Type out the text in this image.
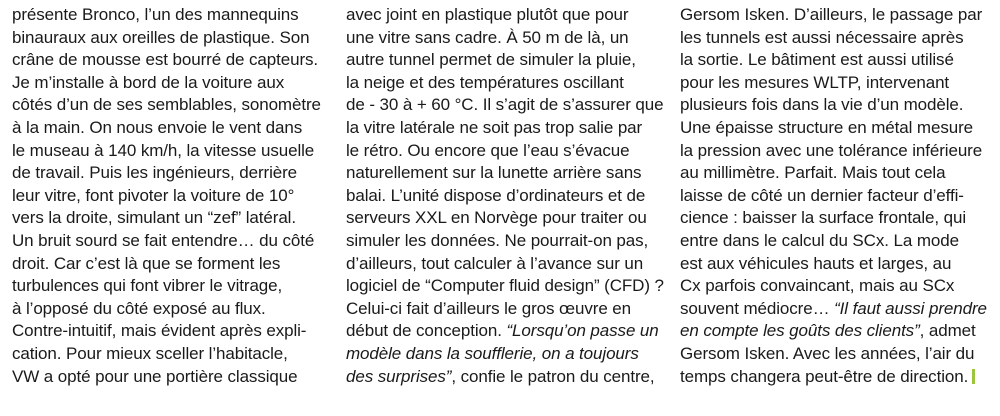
présente Bronco, l’un des mannequins
binauraux aux oreilles de plastique. Son
crâne de mousse est bourré de capteurs.
Je m’installe à bord de la voiture aux
côtés d’un de ses semblables, sonomètre
à la main. On nous envoie le vent dans
le museau à 140 km/h, la vitesse usuelle
de travail. Puis les ingénieurs, derrière
leur vitre, font pivoter la voiture de 10°
vers la droite, simulant un “zef” latéral.
Un bruit sourd se fait entendre… du côté
droit. Car c’est là que se forment les
turbulences qui font vibrer le vitrage,
à l’opposé du côté exposé au flux.
Contre-intuitif, mais évident après expli-
cation. Pour mieux sceller l’habitacle,
VW a opté pour une portière classique
avec joint en plastique plutôt que pour
une vitre sans cadre. À 50 m de là, un
autre tunnel permet de simuler la pluie,
la neige et des températures oscillant
de - 30 à + 60 °C. Il s’agit de s’assurer que
la vitre latérale ne soit pas trop salie par
le rétro. Ou encore que l’eau s’évacue
naturellement sur la lunette arrière sans
balai. L’unité dispose d’ordinateurs et de
serveurs XXL en Norvège pour traiter ou
simuler les données. Ne pourrait-on pas,
d’ailleurs, tout calculer à l’avance sur un
logiciel de “Computer fluid design” (CFD) ?
Celui-ci fait d’ailleurs le gros œuvre en
début de conception. “Lorsqu’on passe un
modèle dans la soufflerie, on a toujours
des surprises”, confie le patron du centre,
Gersom Isken. D’ailleurs, le passage par
les tunnels est aussi nécessaire après
la sortie. Le bâtiment est aussi utilisé
pour les mesures WLTP, intervenant
plusieurs fois dans la vie d’un modèle.
Une épaisse structure en métal mesure
la pression avec une tolérance inférieure
au millimètre. Parfait. Mais tout cela
laisse de côté un dernier facteur d’effi-
cience : baisser la surface frontale, qui
entre dans le calcul du SCx. La mode
est aux véhicules hauts et larges, au
Cx parfois convaincant, mais au SCx
souvent médiocre… “Il faut aussi prendre
en compte les goûts des clients”, admet
Gersom Isken. Avec les années, l’air du
temps changera peut-être de direction.
